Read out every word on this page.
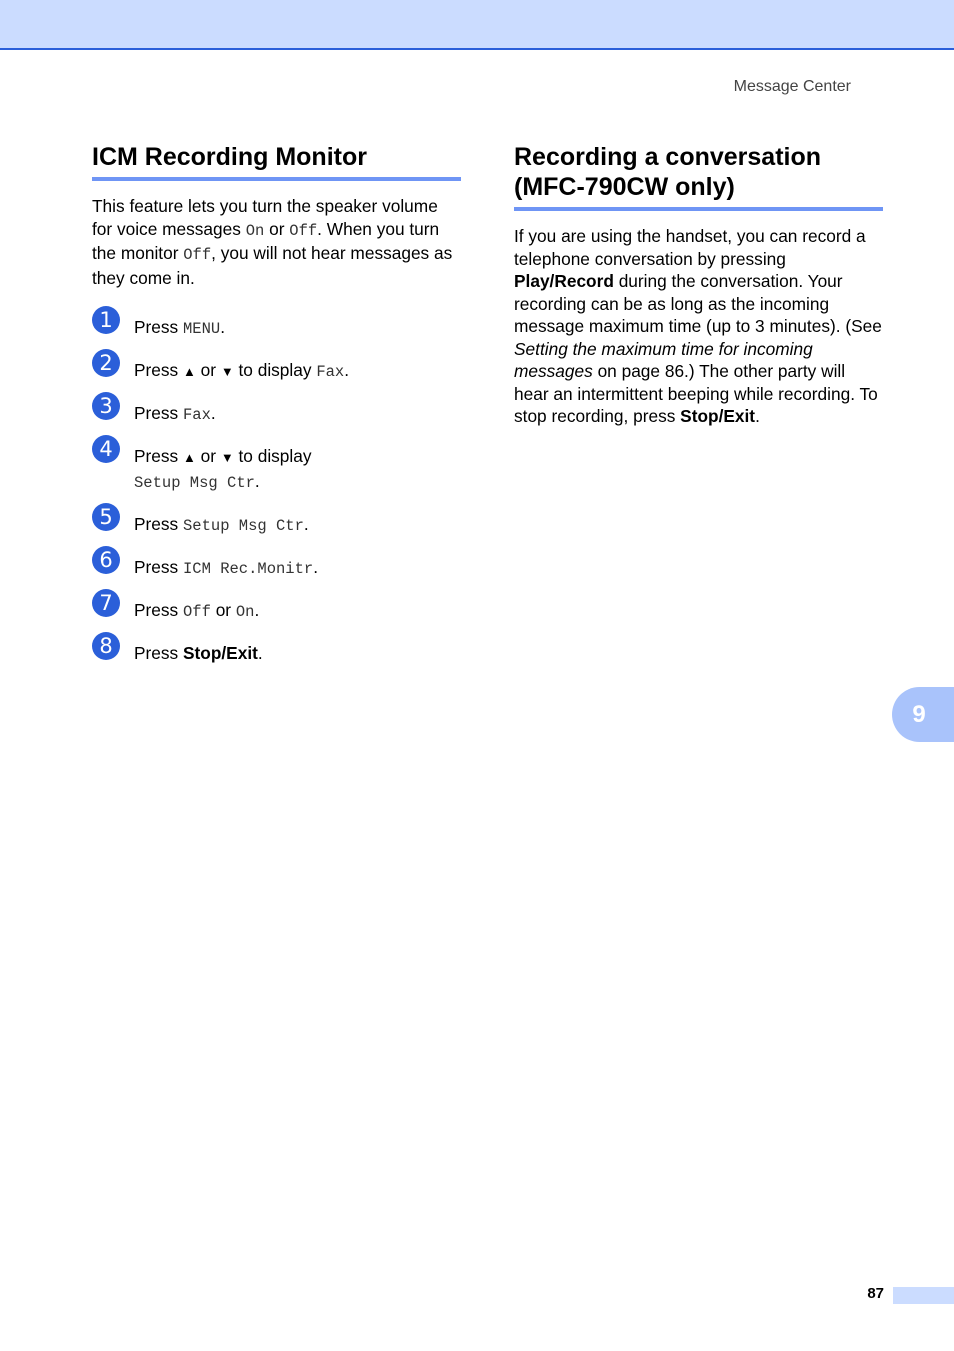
Message Center
ICM Recording Monitor

This feature lets you turn the speaker volume for voice messages On or Off. When you turn the monitor Off, you will not hear messages as they come in.

1	Press MENU.
2	Press ▲ or ▼ to display Fax.
3	Press Fax.
4	Press ▲ or ▼ to display
Setup Msg Ctr.
5	Press Setup Msg Ctr.
6	Press ICM Rec.Monitr.
7	Press Off or On.
8	Press Stop/Exit.
Recording a conversation
(MFC-790CW only)

If you are using the handset, you can record a telephone conversation by pressing Play/Record during the conversation. Your recording can be as long as the incoming message maximum time (up to 3 minutes). (See Setting the maximum time for incoming messages on page 86.) The other party will hear an intermittent beeping while recording. To stop recording, press Stop/Exit.

9
87
